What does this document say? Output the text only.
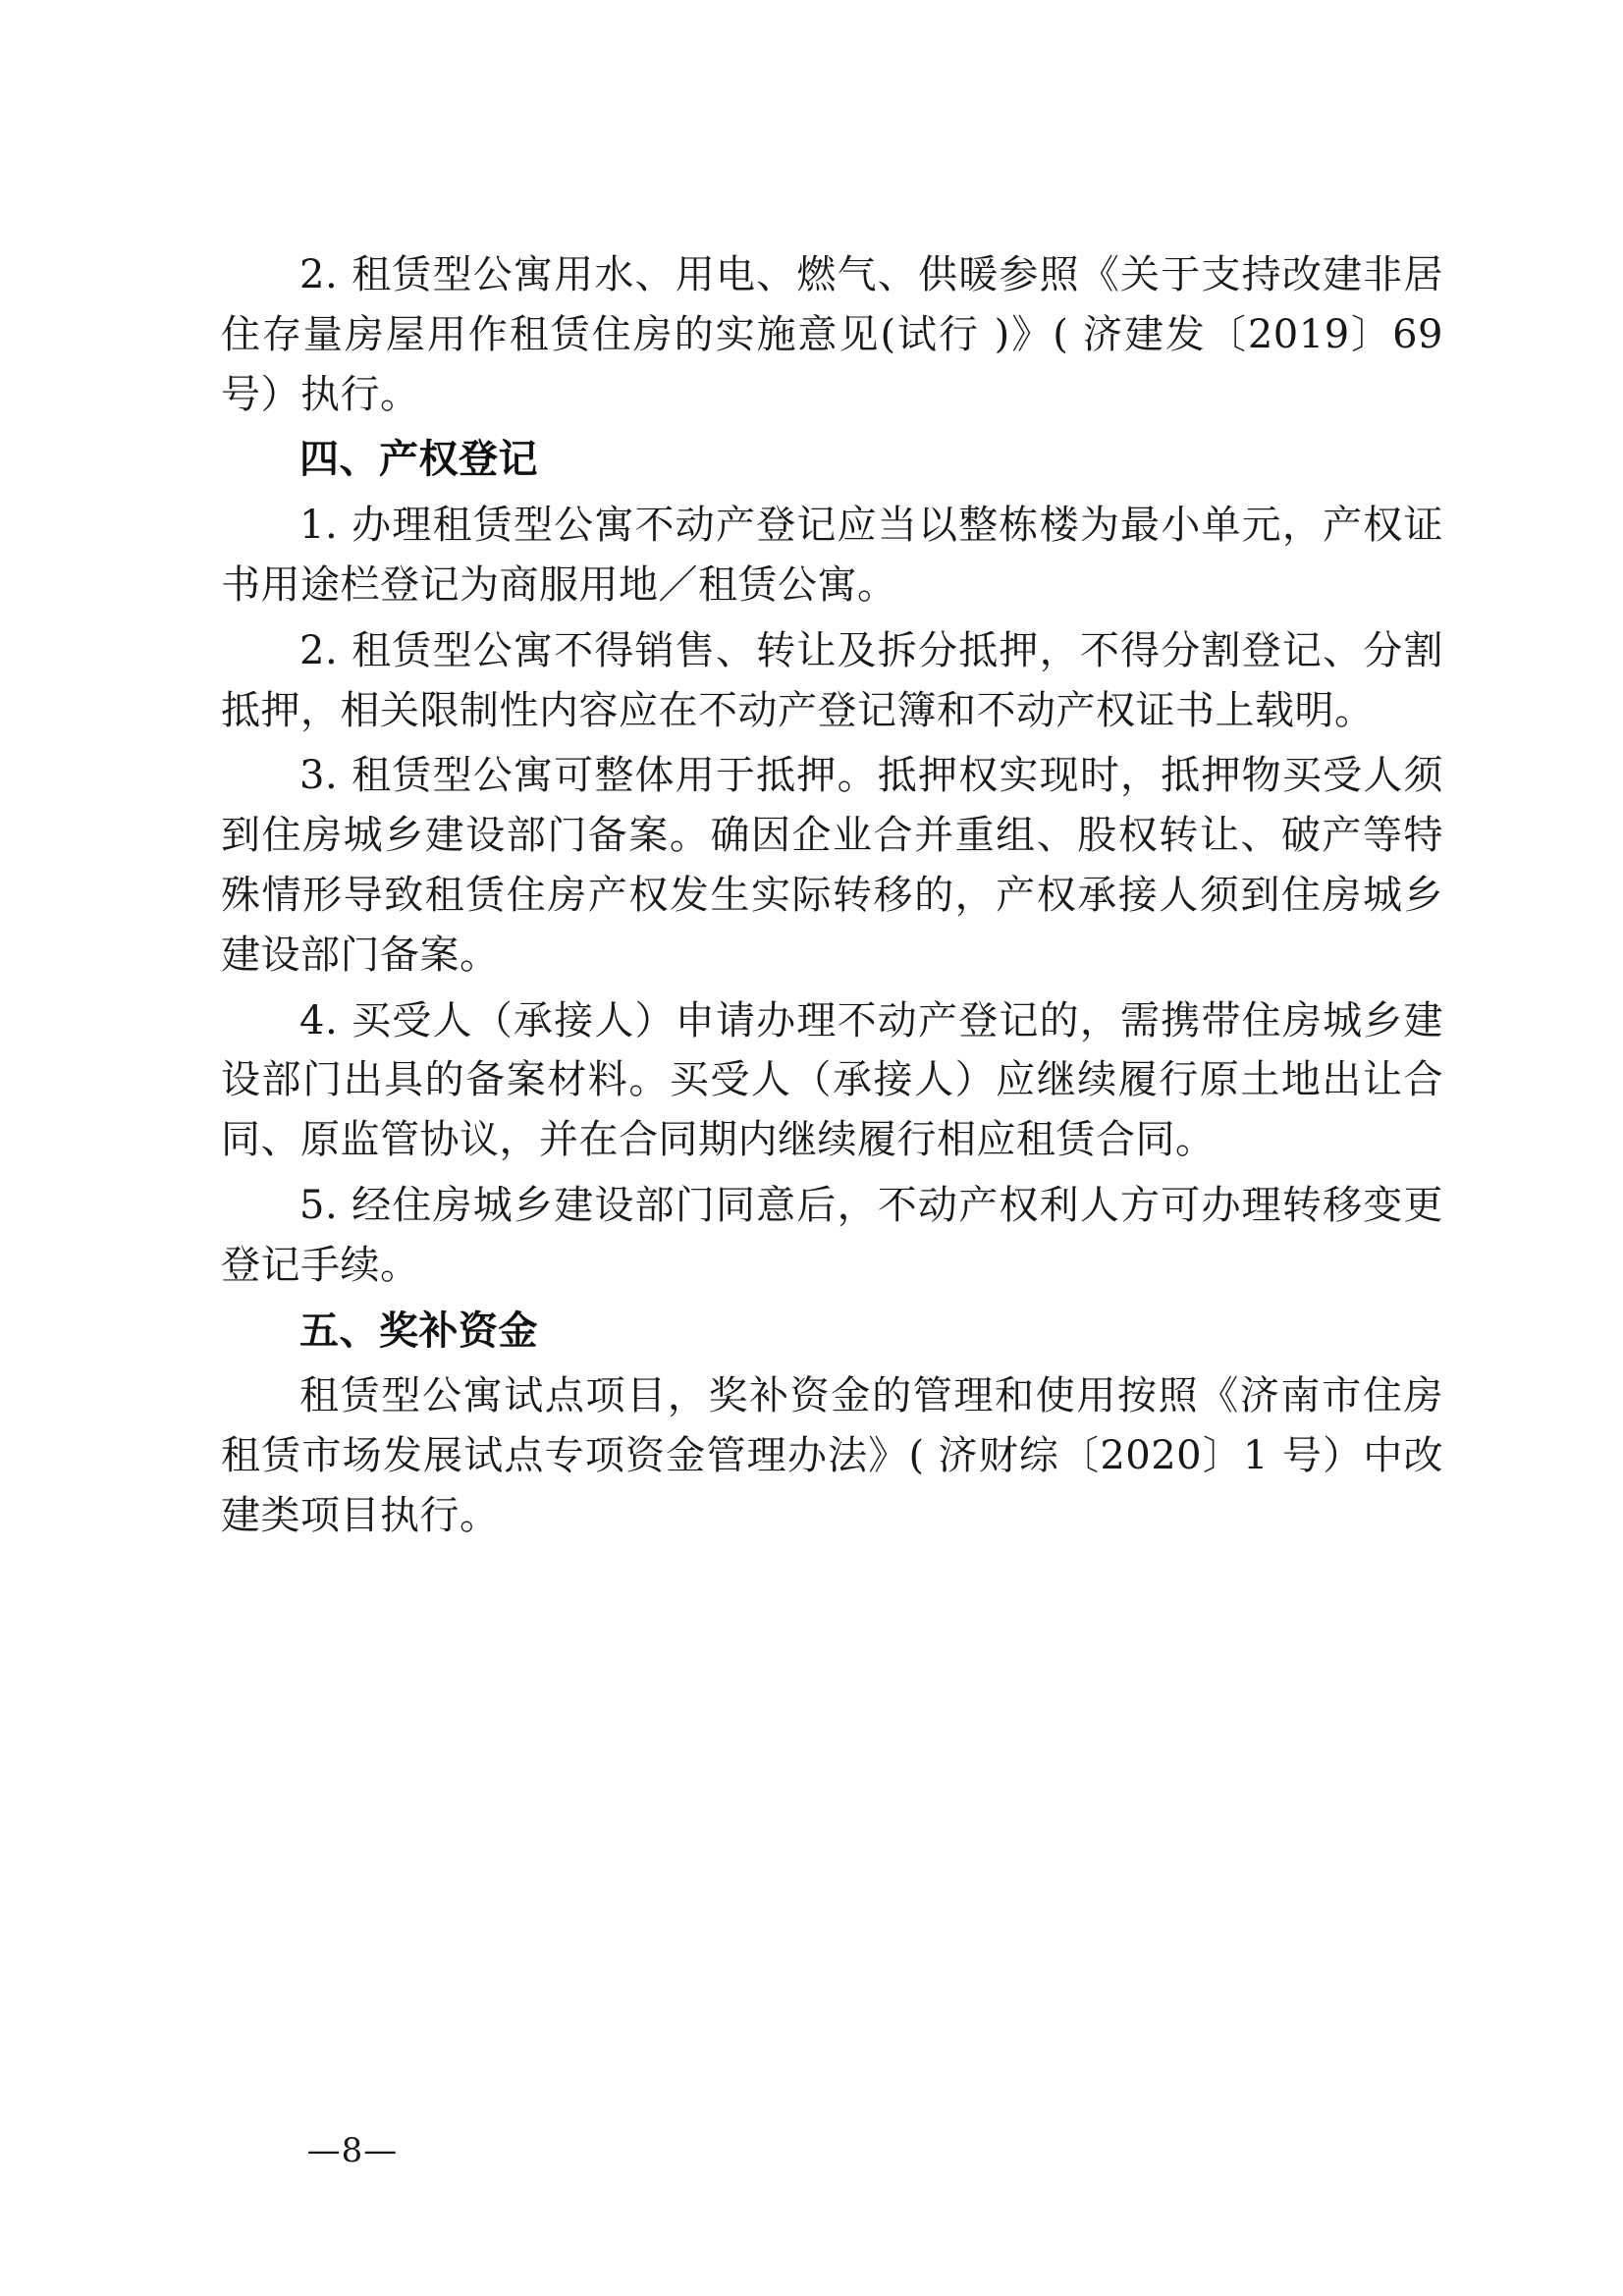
2. 租赁型公寓用水、用电、燃气、供暖参照《关于支持改建非居住存量房屋用作租赁住房的实施意见(试行 )》( 济建发〔2019〕69 号）执行。

四、产权登记

1. 办理租赁型公寓不动产登记应当以整栋楼为最小单元，产权证书用途栏登记为商服用地／租赁公寓。

2. 租赁型公寓不得销售、转让及拆分抵押，不得分割登记、分割抵押，相关限制性内容应在不动产登记簿和不动产权证书上载明。

3. 租赁型公寓可整体用于抵押。抵押权实现时，抵押物买受人须到住房城乡建设部门备案。确因企业合并重组、股权转让、破产等特殊情形导致租赁住房产权发生实际转移的，产权承接人须到住房城乡建设部门备案。

4. 买受人（承接人）申请办理不动产登记的，需携带住房城乡建设部门出具的备案材料。买受人（承接人）应继续履行原土地出让合同、原监管协议，并在合同期内继续履行相应租赁合同。

5. 经住房城乡建设部门同意后，不动产权利人方可办理转移变更登记手续。

五、奖补资金

租赁型公寓试点项目，奖补资金的管理和使用按照《济南市住房租赁市场发展试点专项资金管理办法》( 济财综〔2020〕1 号）中改建类项目执行。

—8—
